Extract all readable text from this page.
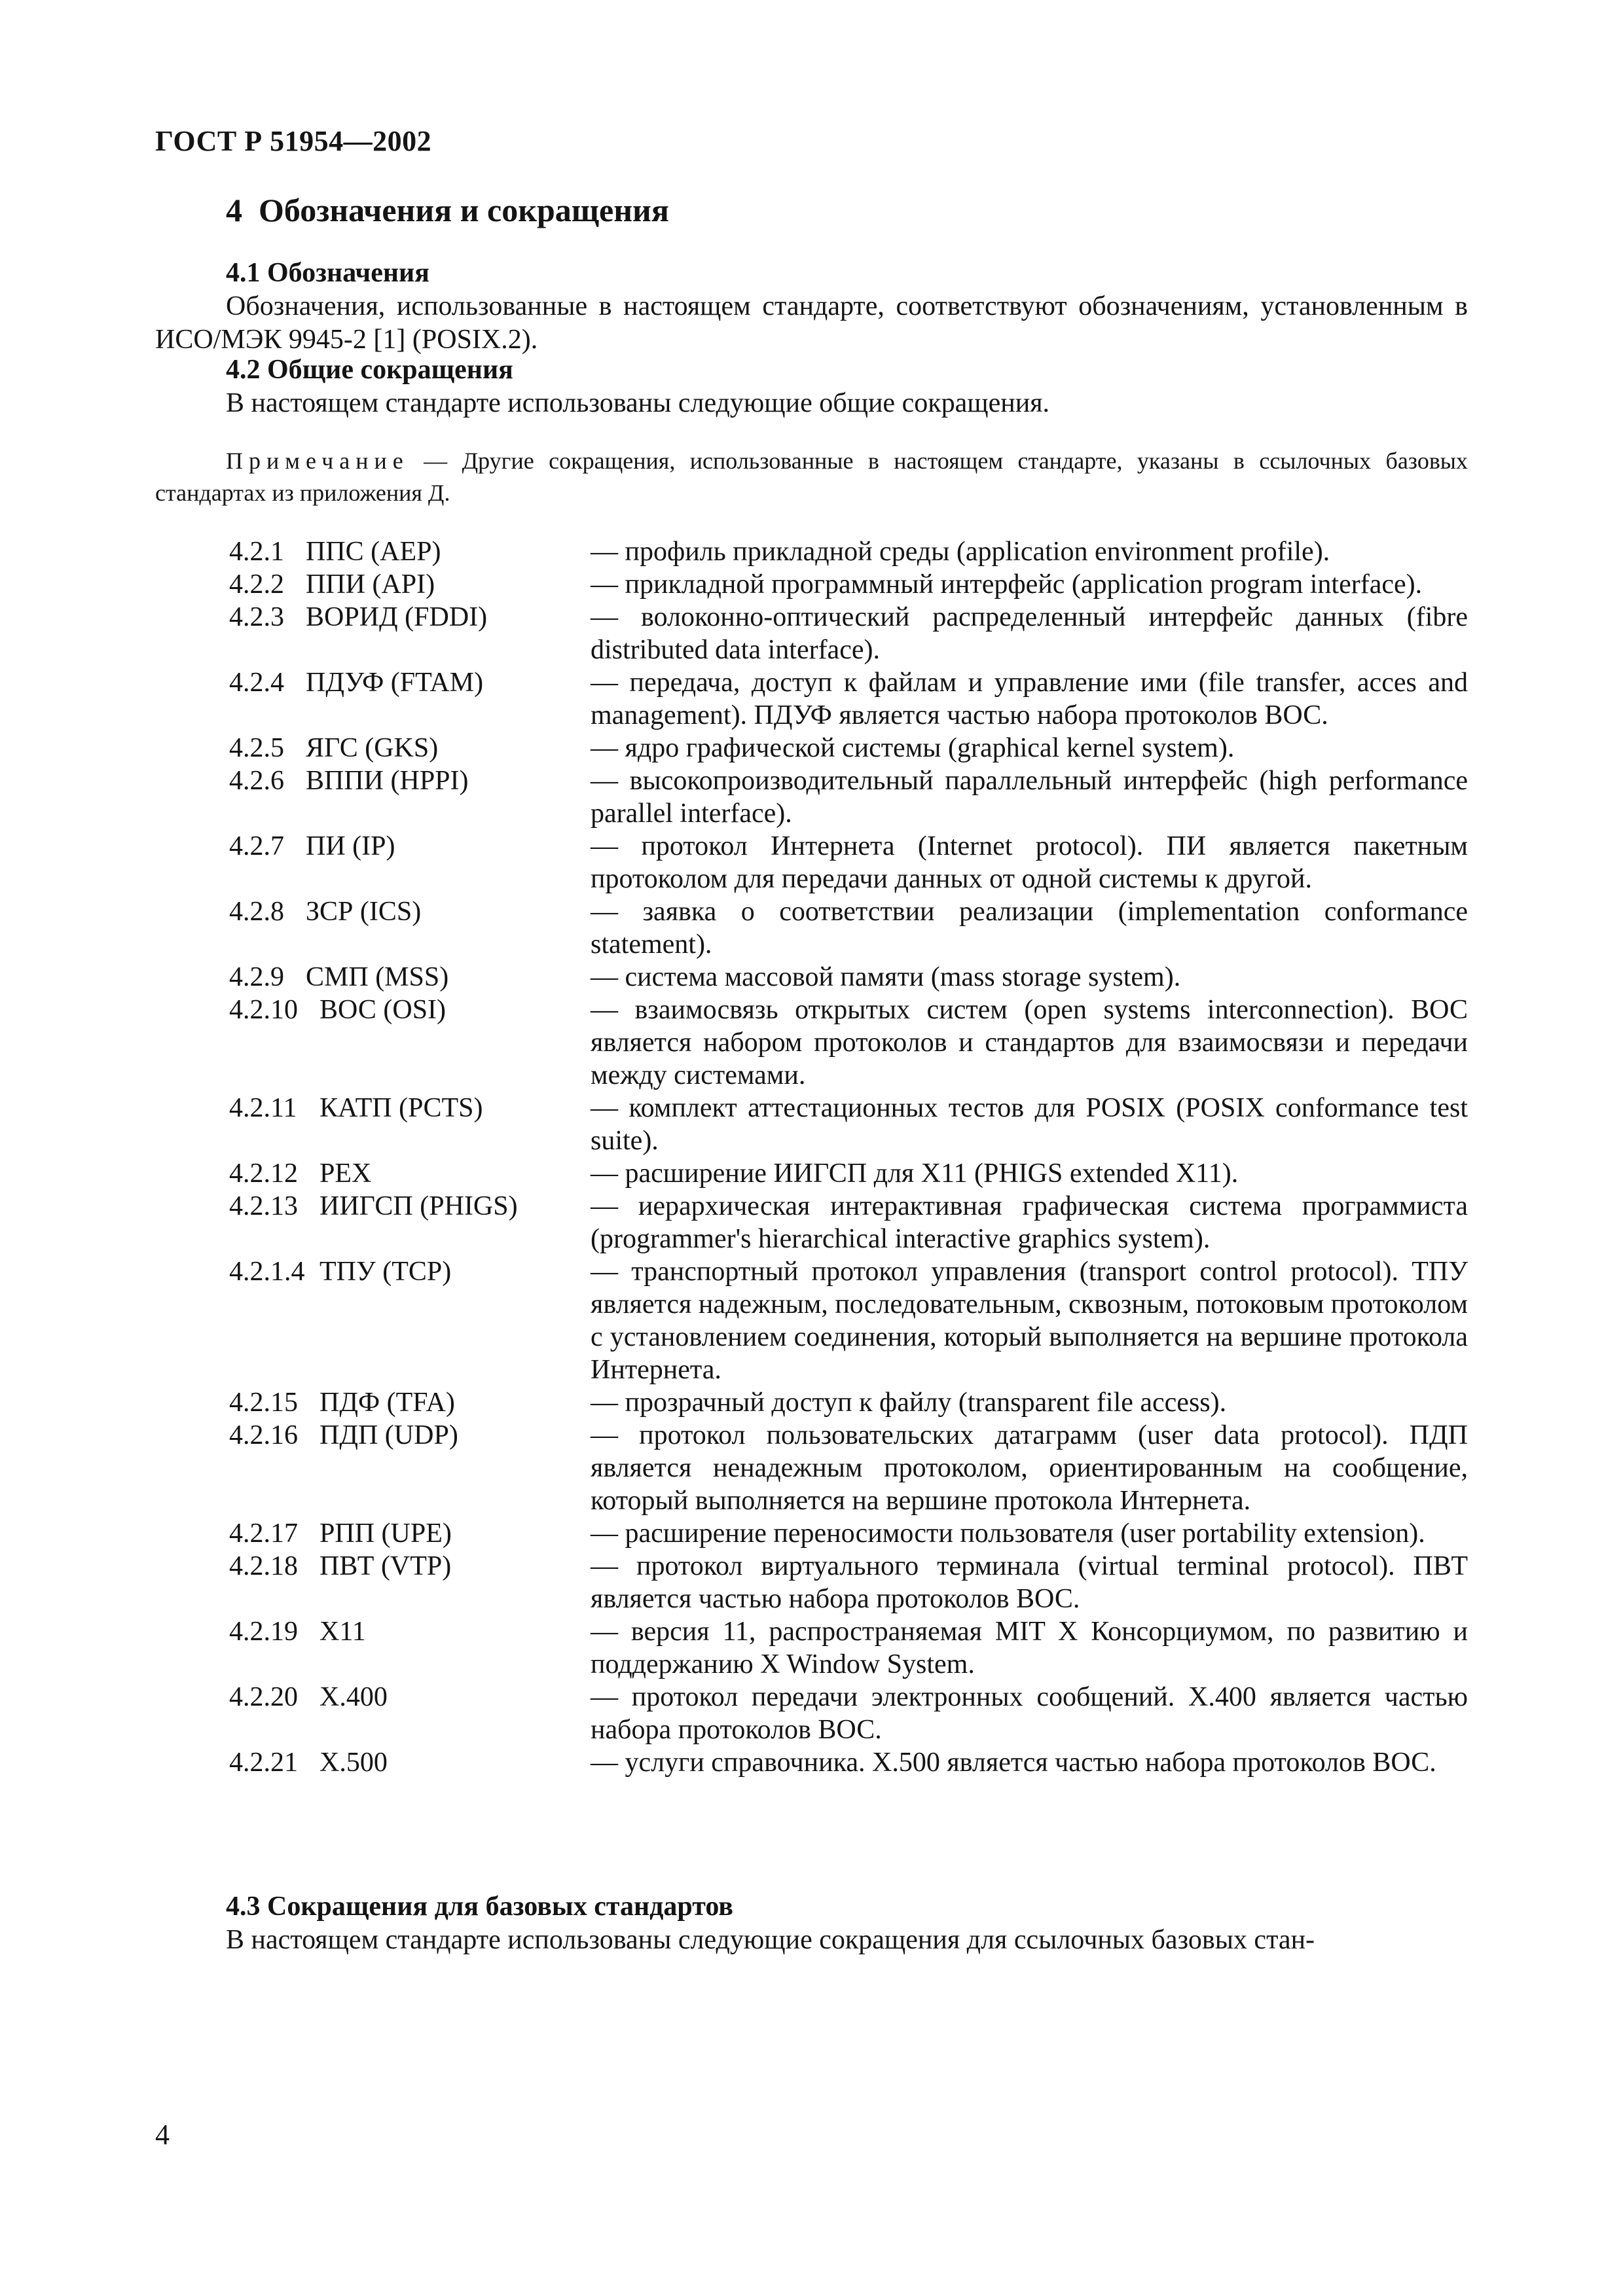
ГОСТ Р 51954—2002
4 Обозначения и сокращения
4.1 Обозначения
Обозначения, использованные в настоящем стандарте, соответствуют обозначениям, установленным в ИСО/МЭК 9945-2 [1] (POSIX.2).
4.2 Общие сокращения
В настоящем стандарте использованы следующие общие сокращения.
Примечание — Другие сокращения, использованные в настоящем стандарте, указаны в ссылочных базовых стандартах из приложения Д.
4.2.1 ППС (AEP)	— профиль прикладной среды (application environment profile).
4.2.2 ППИ (API)	— прикладной программный интерфейс (application program interface).
4.2.3 ВОРИД (FDDI)	— волоконно-оптический распределенный интерфейс данных (fibre distributed data interface).
4.2.4 ПДУФ (FTAM)	— передача, доступ к файлам и управление ими (file transfer, acces and management). ПДУФ является частью набора протоколов ВОС.
4.2.5 ЯГС (GKS)	— ядро графической системы (graphical kernel system).
4.2.6 ВППИ (HPPI)	— высокопроизводительный параллельный интерфейс (high performance parallel interface).
4.2.7 ПИ (IP)	— протокол Интернета (Internet protocol). ПИ является пакетным протоколом для передачи данных от одной системы к другой.
4.2.8 ЗСР (ICS)	— заявка о соответствии реализации (implementation conformance statement).
4.2.9 СМП (MSS)	— система массовой памяти (mass storage system).
4.2.10 ВОС (OSI)	— взаимосвязь открытых систем (open systems interconnection). ВОС является набором протоколов и стандартов для взаимосвязи и передачи между системами.
4.2.11 КАТП (PCTS)	— комплект аттестационных тестов для POSIX (POSIX conformance test suite).
4.2.12 PEX	— расширение ИИГСП для X11 (PHIGS extended X11).
4.2.13 ИИГСП (PHIGS)	— иерархическая интерактивная графическая система программиста (programmer's hierarchical interactive graphics system).
4.2.1.4 ТПУ (TCP)	— транспортный протокол управления (transport control protocol). ТПУ является надежным, последовательным, сквозным, потоковым протоколом с установлением соединения, который выполняется на вершине протокола Интернета.
4.2.15 ПДФ (TFA)	— прозрачный доступ к файлу (transparent file access).
4.2.16 ПДП (UDP)	— протокол пользовательских датаграмм (user data protocol). ПДП является ненадежным протоколом, ориентированным на сообщение, который выполняется на вершине протокола Интернета.
4.2.17 РПП (UPE)	— расширение переносимости пользователя (user portability extension).
4.2.18 ПВТ (VTP)	— протокол виртуального терминала (virtual terminal protocol). ПВТ является частью набора протоколов ВОС.
4.2.19 X11	— версия 11, распространяемая MIT X Консорциумом, по развитию и поддержанию X Window System.
4.2.20 X.400	— протокол передачи электронных сообщений. X.400 является частью набора протоколов ВОС.
4.2.21 X.500	— услуги справочника. X.500 является частью набора протоколов ВОС.
4.3 Сокращения для базовых стандартов
В настоящем стандарте использованы следующие сокращения для ссылочных базовых стан-
4
